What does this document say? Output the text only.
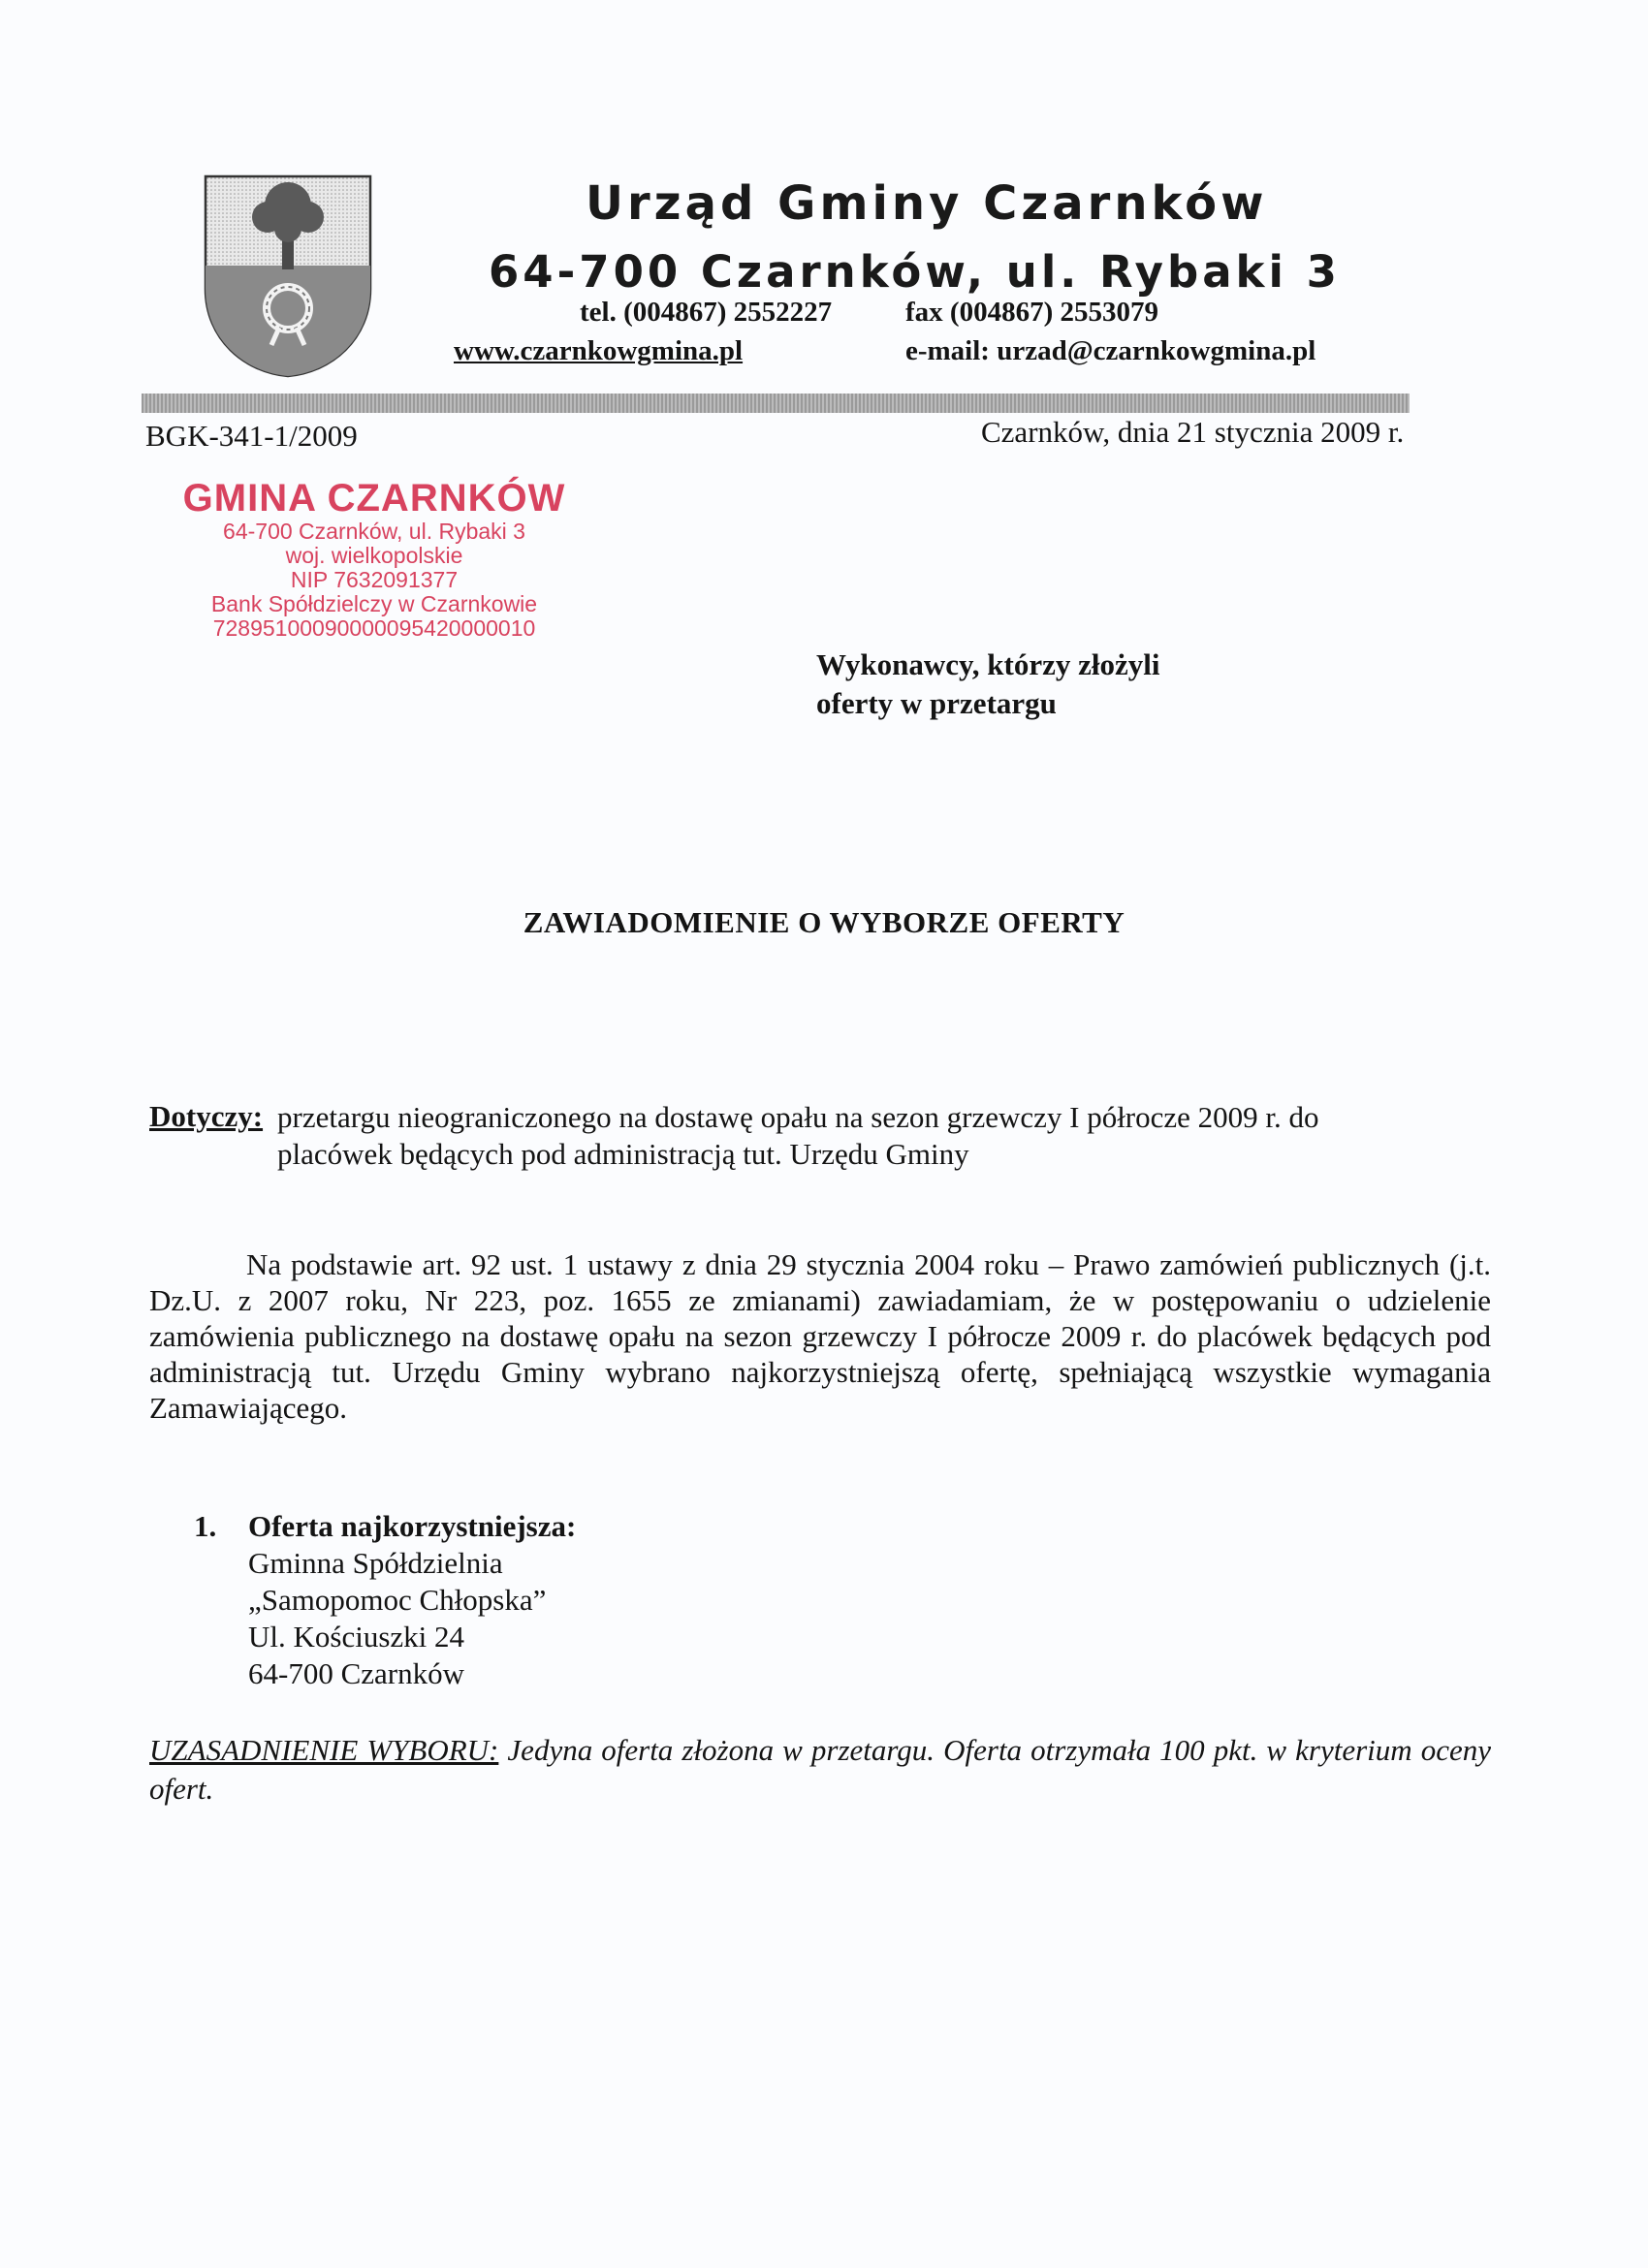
Urząd Gminy Czarnków
64-700 Czarnków, ul. Rybaki 3
tel. (004867) 2552227	fax (004867) 2553079
www.czarnkowgmina.pl	e-mail: urzad@czarnkowgmina.pl
BGK-341-1/2009	Czarnków, dnia 21 stycznia 2009 r.
GMINA CZARNKÓW
64-700 Czarnków, ul. Rybaki 3
woj. wielkopolskie
NIP 7632091377
Bank Spółdzielczy w Czarnkowie
72895100090000095420000010
Wykonawcy, którzy złożyli
oferty w przetargu
ZAWIADOMIENIE O WYBORZE OFERTY
Dotyczy: przetargu nieograniczonego na dostawę opału na sezon grzewczy I półrocze 2009 r. do
placówek będących pod administracją tut. Urzędu Gminy
Na podstawie art. 92 ust. 1 ustawy z dnia 29 stycznia 2004 roku – Prawo zamówień publicznych (j.t. Dz.U. z 2007 roku, Nr 223, poz. 1655 ze zmianami) zawiadamiam, że w postępowaniu o udzielenie zamówienia publicznego na dostawę opału na sezon grzewczy I półrocze 2009 r. do placówek będących pod administracją tut. Urzędu Gminy wybrano najkorzystniejszą ofertę, spełniającą wszystkie wymagania Zamawiającego.
1. Oferta najkorzystniejsza:
Gminna Spółdzielnia
„Samopomoc Chłopska”
Ul. Kościuszki 24
64-700 Czarnków
UZASADNIENIE WYBORU: Jedyna oferta złożona w przetargu. Oferta otrzymała 100 pkt. w kryterium oceny ofert.
